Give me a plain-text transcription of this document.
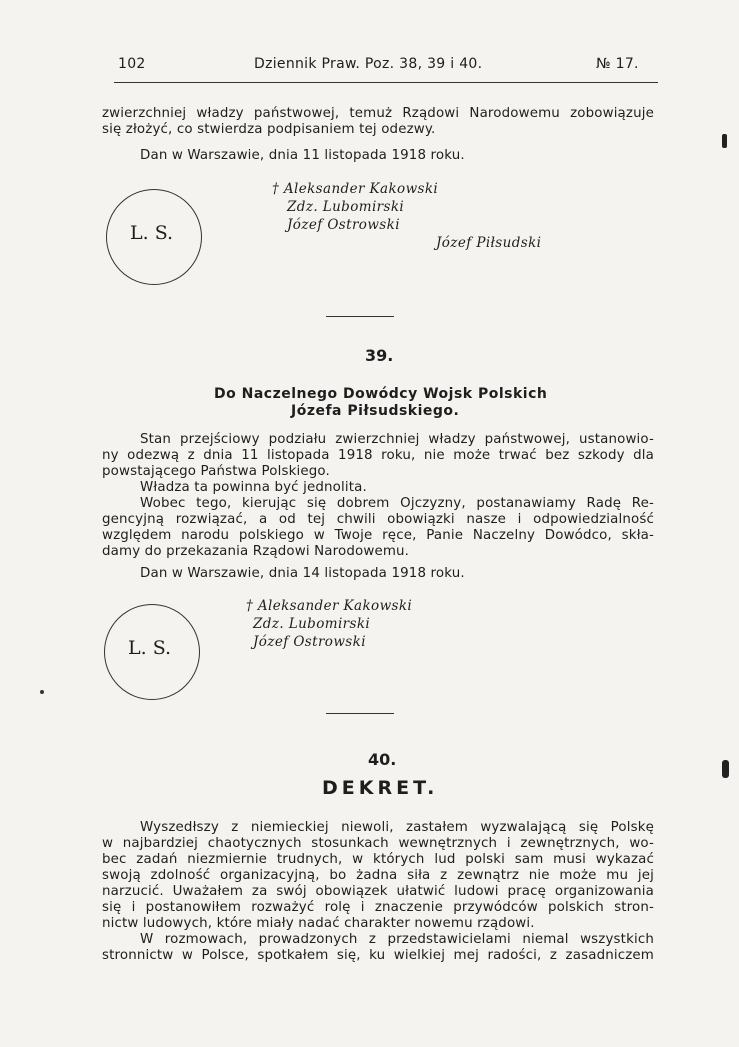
102	Dziennik Praw. Poz. 38, 39 i 40.	№ 17.
zwierzchniej władzy państwowej, temuż Rządowi Narodowemu zobowiązuje
się złożyć, co stwierdza podpisaniem tej odezwy.
Dan w Warszawie, dnia 11 listopada 1918 roku.
L. S.
† Aleksander Kakowski
Zdz. Lubomirski
Józef Ostrowski
Józef Piłsudski
39.
Do Naczelnego Dowódcy Wojsk Polskich
Józefa Piłsudskiego.
Stan przejściowy podziału zwierzchniej władzy państwowej, ustanowio-
ny odezwą z dnia 11 listopada 1918 roku, nie może trwać bez szkody dla
powstającego Państwa Polskiego.
Władza ta powinna być jednolita.
Wobec tego, kierując się dobrem Ojczyzny, postanawiamy Radę Re-
gencyjną rozwiązać, a od tej chwili obowiązki nasze i odpowiedzialność
względem narodu polskiego w Twoje ręce, Panie Naczelny Dowódco, skła-
damy do przekazania Rządowi Narodowemu.
Dan w Warszawie, dnia 14 listopada 1918 roku.
L. S.
† Aleksander Kakowski
Zdz. Lubomirski
Józef Ostrowski
40.
DEKRET.
Wyszedłszy z niemieckiej niewoli, zastałem wyzwalającą się Polskę
w najbardziej chaotycznych stosunkach wewnętrznych i zewnętrznych, wo-
bec zadań niezmiernie trudnych, w których lud polski sam musi wykazać
swoją zdolność organizacyjną, bo żadna siła z zewnątrz nie może mu jej
narzucić. Uważałem za swój obowiązek ułatwić ludowi pracę organizowania
się i postanowiłem rozważyć rolę i znaczenie przywódców polskich stron-
nictw ludowych, które miały nadać charakter nowemu rządowi.
W rozmowach, prowadzonych z przedstawicielami niemal wszystkich
stronnictw w Polsce, spotkałem się, ku wielkiej mej radości, z zasadniczem
